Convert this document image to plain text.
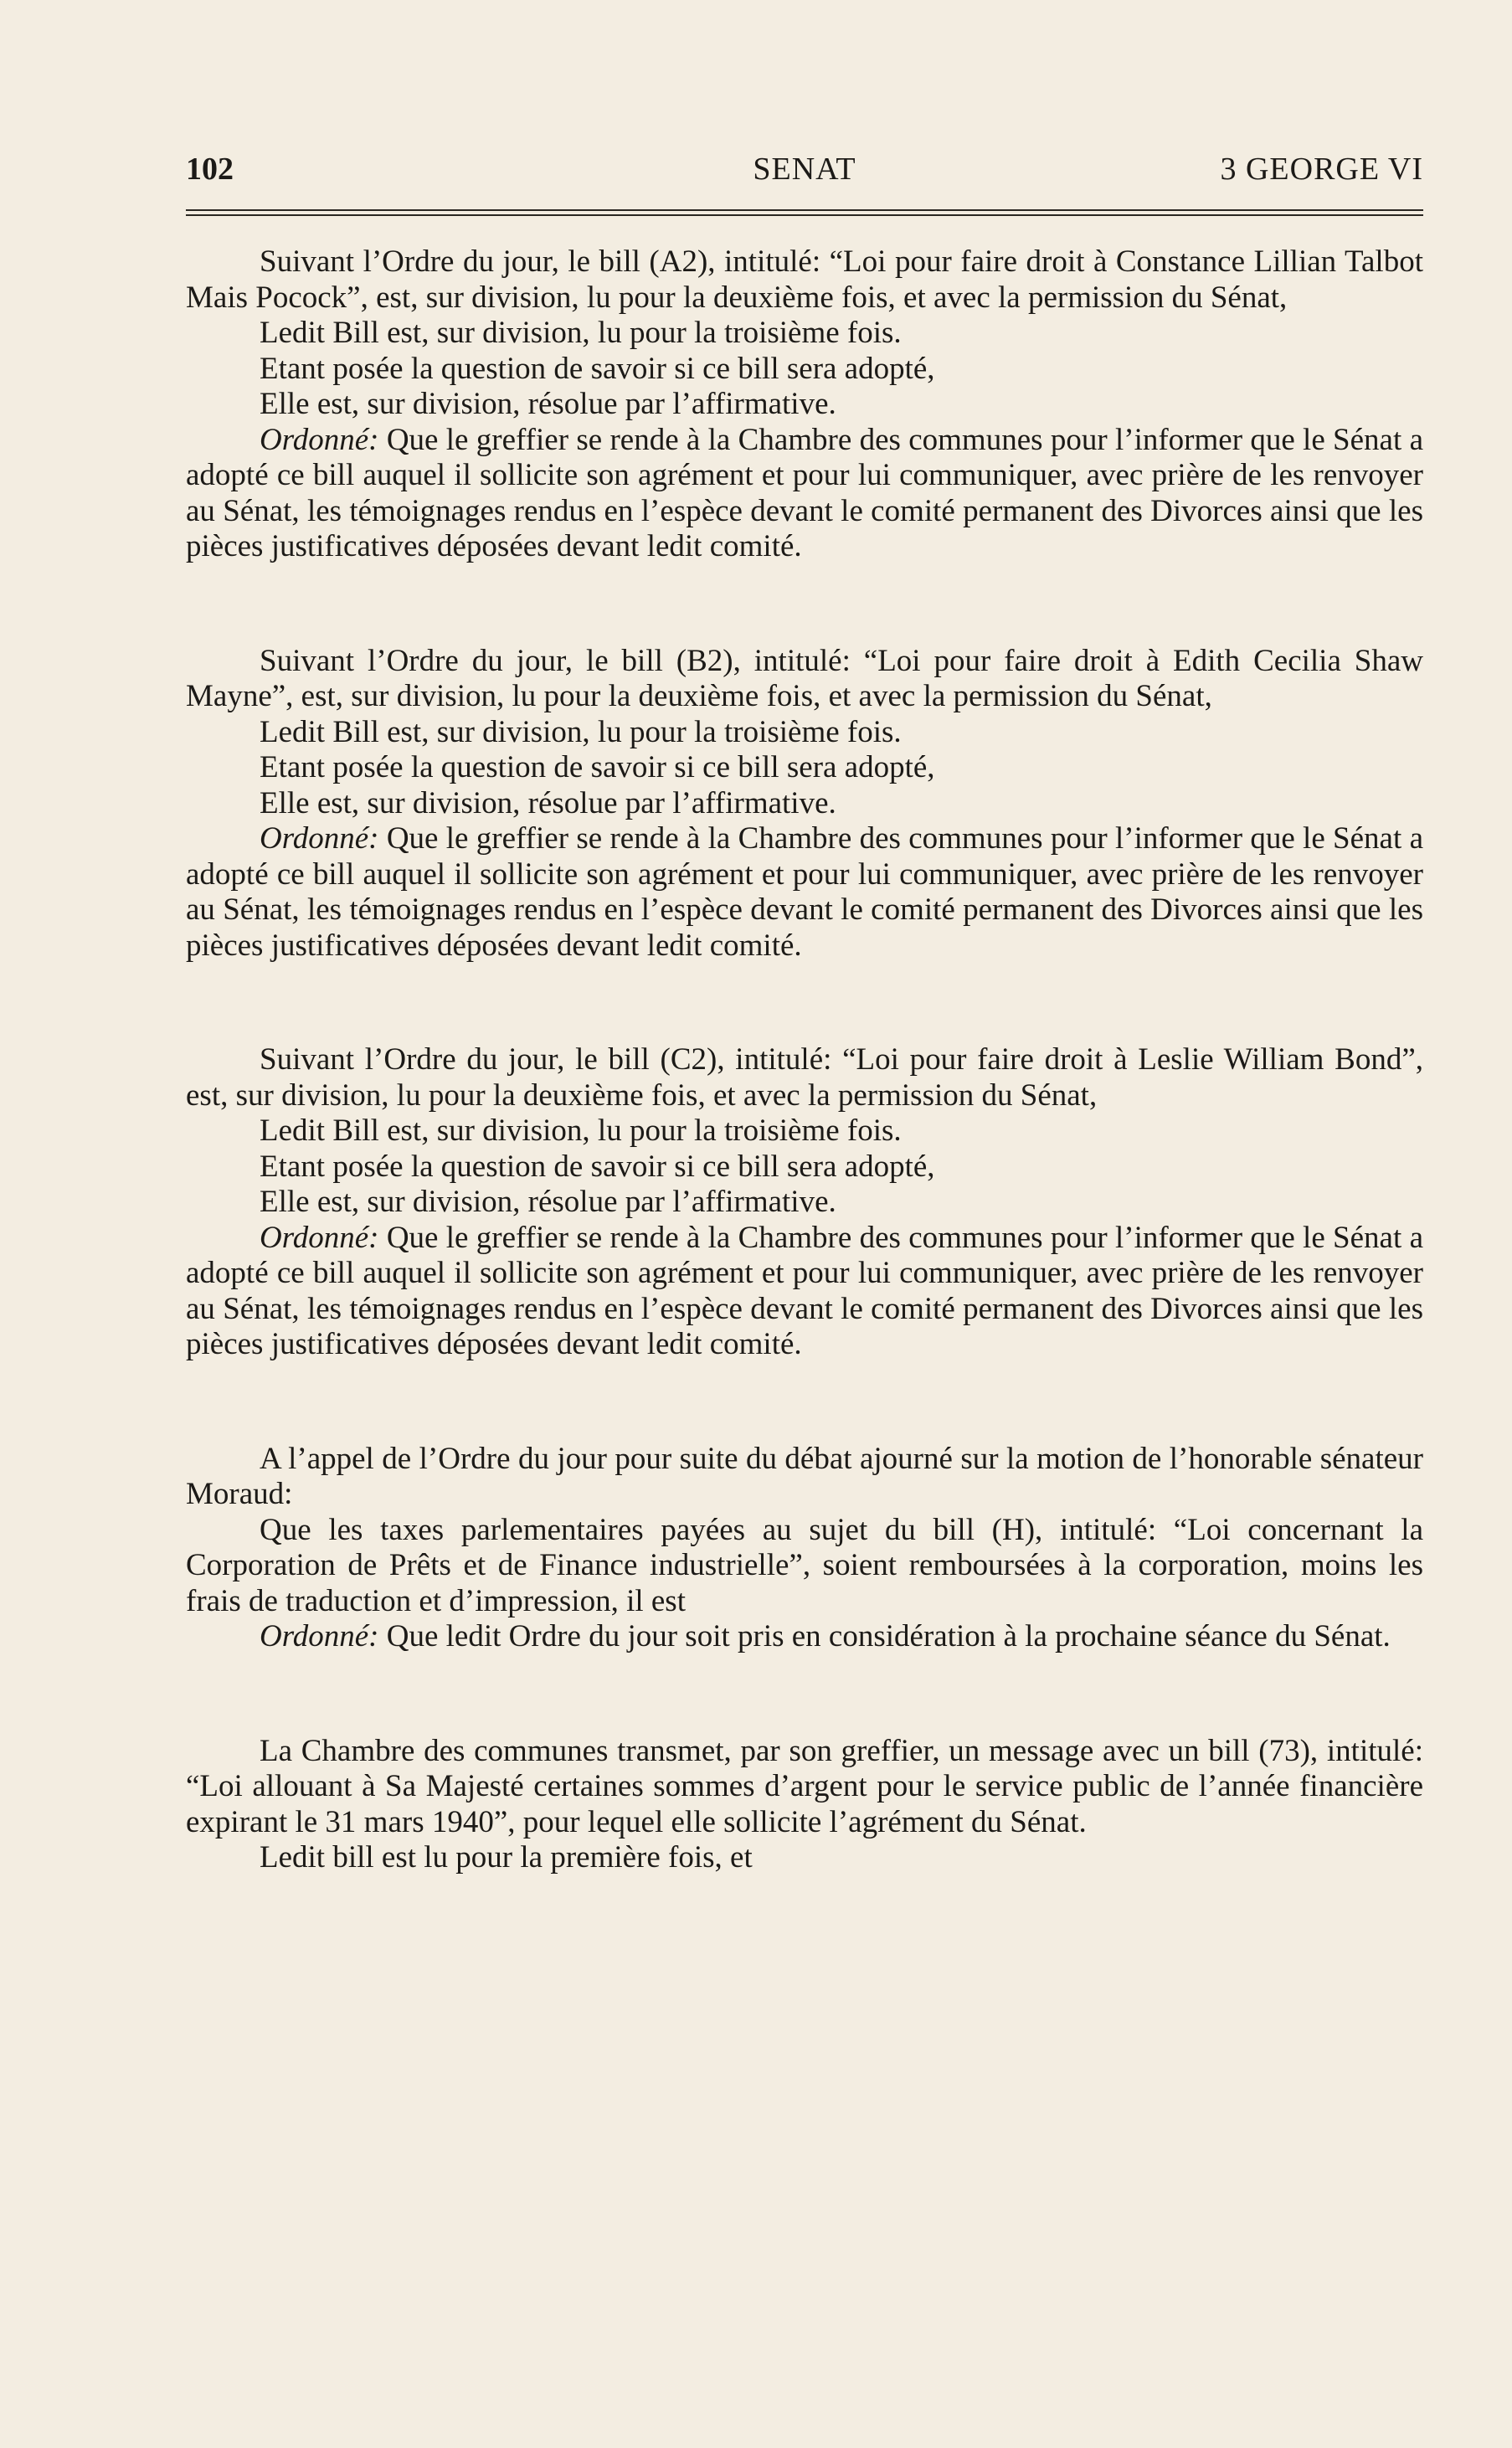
102	SENAT	3 GEORGE VI

Suivant l’Ordre du jour, le bill (A2), intitulé: “Loi pour faire droit à Constance Lillian Talbot Mais Pocock”, est, sur division, lu pour la deuxième fois, et avec la permission du Sénat,

Ledit Bill est, sur division, lu pour la troisième fois.

Etant posée la question de savoir si ce bill sera adopté,

Elle est, sur division, résolue par l’affirmative.

Ordonné: Que le greffier se rende à la Chambre des communes pour l’informer que le Sénat a adopté ce bill auquel il sollicite son agrément et pour lui communiquer, avec prière de les renvoyer au Sénat, les témoignages rendus en l’espèce devant le comité permanent des Divorces ainsi que les pièces justificatives déposées devant ledit comité.

Suivant l’Ordre du jour, le bill (B2), intitulé: “Loi pour faire droit à Edith Cecilia Shaw Mayne”, est, sur division, lu pour la deuxième fois, et avec la permission du Sénat,

Ledit Bill est, sur division, lu pour la troisième fois.

Etant posée la question de savoir si ce bill sera adopté,

Elle est, sur division, résolue par l’affirmative.

Ordonné: Que le greffier se rende à la Chambre des communes pour l’informer que le Sénat a adopté ce bill auquel il sollicite son agrément et pour lui communiquer, avec prière de les renvoyer au Sénat, les témoignages rendus en l’espèce devant le comité permanent des Divorces ainsi que les pièces justificatives déposées devant ledit comité.

Suivant l’Ordre du jour, le bill (C2), intitulé: “Loi pour faire droit à Leslie William Bond”, est, sur division, lu pour la deuxième fois, et avec la permission du Sénat,

Ledit Bill est, sur division, lu pour la troisième fois.

Etant posée la question de savoir si ce bill sera adopté,

Elle est, sur division, résolue par l’affirmative.

Ordonné: Que le greffier se rende à la Chambre des communes pour l’informer que le Sénat a adopté ce bill auquel il sollicite son agrément et pour lui communiquer, avec prière de les renvoyer au Sénat, les témoignages rendus en l’espèce devant le comité permanent des Divorces ainsi que les pièces justificatives déposées devant ledit comité.

A l’appel de l’Ordre du jour pour suite du débat ajourné sur la motion de l’honorable sénateur Moraud:

Que les taxes parlementaires payées au sujet du bill (H), intitulé: “Loi concernant la Corporation de Prêts et de Finance industrielle”, soient remboursées à la corporation, moins les frais de traduction et d’impression, il est

Ordonné: Que ledit Ordre du jour soit pris en considération à la prochaine séance du Sénat.

La Chambre des communes transmet, par son greffier, un message avec un bill (73), intitulé: “Loi allouant à Sa Majesté certaines sommes d’argent pour le service public de l’année financière expirant le 31 mars 1940”, pour lequel elle sollicite l’agrément du Sénat.

Ledit bill est lu pour la première fois, et
